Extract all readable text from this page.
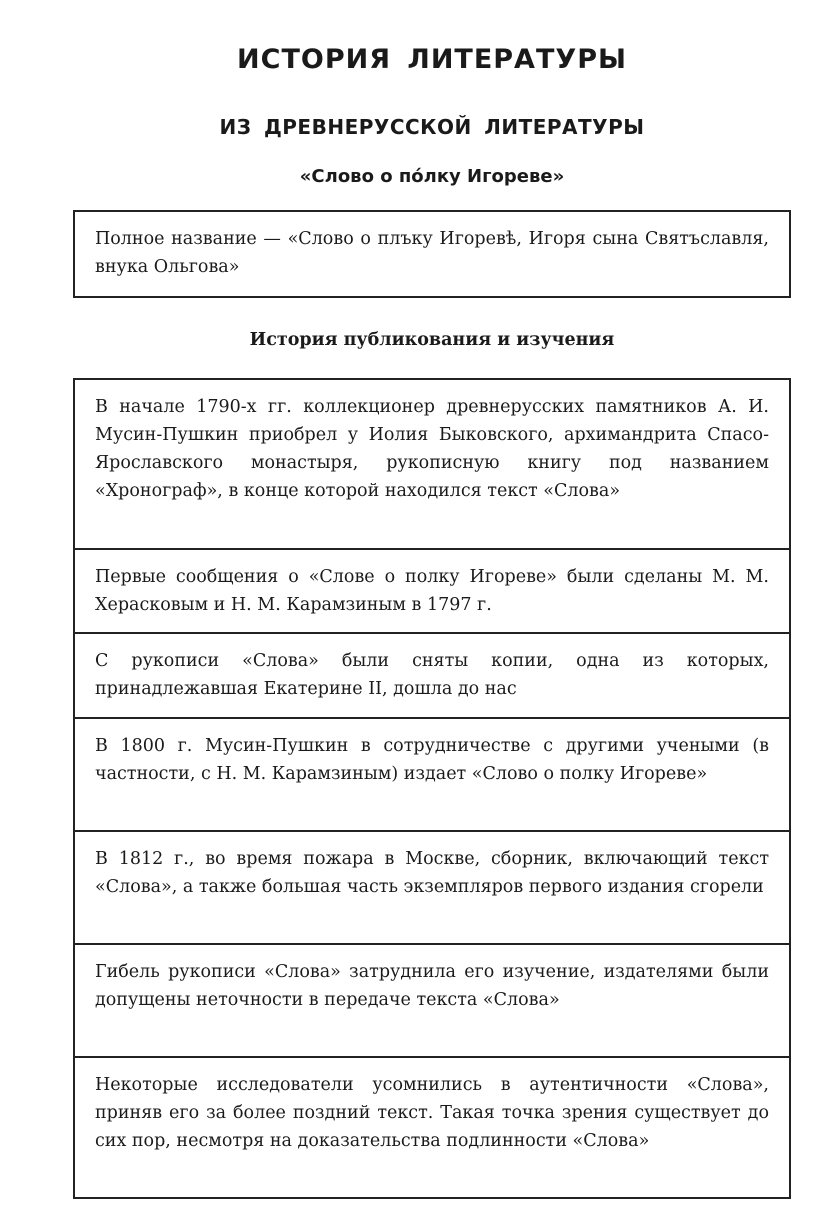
ИСТОРИЯ ЛИТЕРАТУРЫ
ИЗ ДРЕВНЕРУССКОЙ ЛИТЕРАТУРЫ
«Слово о по́лку Игореве»
Полное название — «Слово о плъку Игоревѣ, Игоря сына Святъславля, внука Ольгова»
История публикования и изучения
В начале 1790-х гг. коллекционер древнерусских памятников А. И. Мусин-Пушкин приобрел у Иолия Быковского, архимандрита Спасо-Ярославского монастыря, рукописную книгу под названием «Хронограф», в конце которой находился текст «Слова»
Первые сообщения о «Слове о полку Игореве» были сделаны М. М. Херасковым и Н. М. Карамзиным в 1797 г.
С рукописи «Слова» были сняты копии, одна из которых, принадлежавшая Екатерине II, дошла до нас
В 1800 г. Мусин-Пушкин в сотрудничестве с другими учеными (в частности, с Н. М. Карамзиным) издает «Слово о полку Игореве»
В 1812 г., во время пожара в Москве, сборник, включающий текст «Слова», а также большая часть экземпляров первого издания сгорели
Гибель рукописи «Слова» затруднила его изучение, издателями были допущены неточности в передаче текста «Слова»
Некоторые исследователи усомнились в аутентичности «Слова», приняв его за более поздний текст. Такая точка зрения существует до сих пор, несмотря на доказательства подлинности «Слова»
